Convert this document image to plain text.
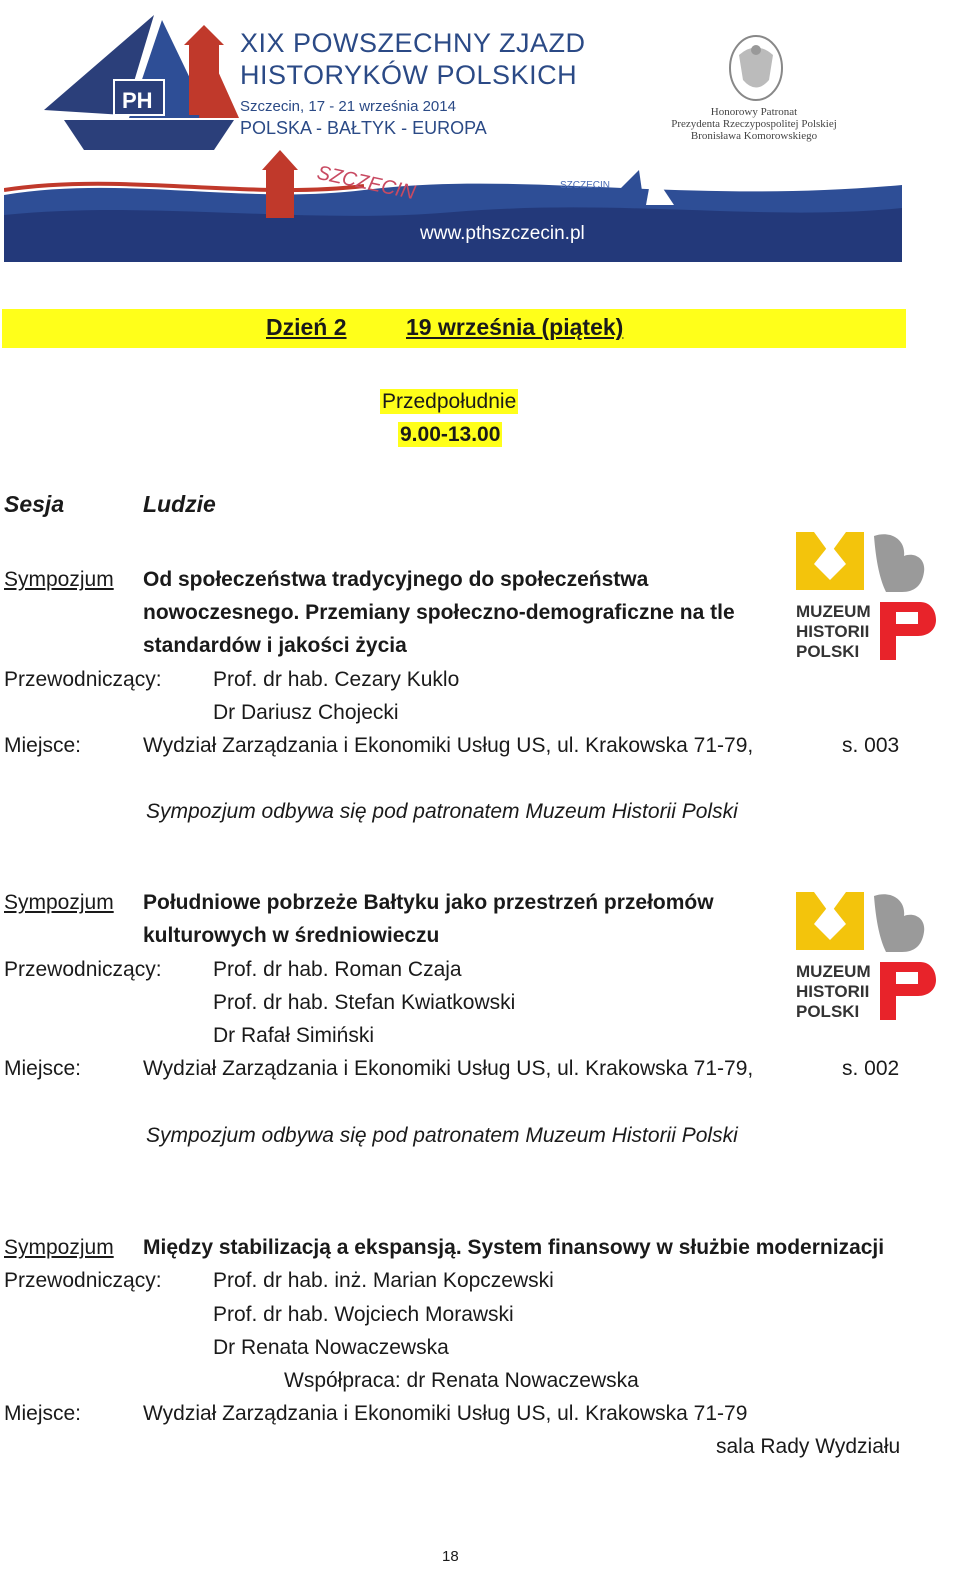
PH
XIX POWSZECHNY ZJAZD
HISTORYKÓW POLSKICH
Szczecin, 17 - 21 września 2014
POLSKA - BAŁTYK - EUROPA
Honorowy Patronat
Prezydenta Rzeczypospolitej Polskiej
Bronisława Komorowskiego
SZCZECIN	SZCZECIN
www.pthszczecin.pl
Dzień 2	19 września (piątek)
Przedpołudnie
9.00-13.00
Sesja	Ludzie
Sympozjum Od społeczeństwa tradycyjnego do społeczeństwa
nowoczesnego. Przemiany społeczno-demograficzne na tle
standardów i jakości życia
Przewodniczący: Prof. dr hab. Cezary Kuklo
Dr Dariusz Chojecki
Miejsce:	Wydział Zarządzania i Ekonomiki Usług US, ul. Krakowska 71-79,	s. 003
Sympozjum odbywa się pod patronatem Muzeum Historii Polski
MUZEUM
HISTORII
POLSKI
Sympozjum Południowe pobrzeże Bałtyku jako przestrzeń przełomów
kulturowych w średniowieczu
Przewodniczący: Prof. dr hab. Roman Czaja
Prof. dr hab. Stefan Kwiatkowski
Dr Rafał Simiński
Miejsce:	Wydział Zarządzania i Ekonomiki Usług US, ul. Krakowska 71-79,	s. 002
Sympozjum odbywa się pod patronatem Muzeum Historii Polski
MUZEUM
HISTORII
POLSKI
Sympozjum Między stabilizacją a ekspansją. System finansowy w służbie modernizacji
Przewodniczący: Prof. dr hab. inż. Marian Kopczewski
Prof. dr hab. Wojciech Morawski
Dr Renata Nowaczewska
Współpraca: dr Renata Nowaczewska
Miejsce:	Wydział Zarządzania i Ekonomiki Usług US, ul. Krakowska 71-79
sala Rady Wydziału
18
